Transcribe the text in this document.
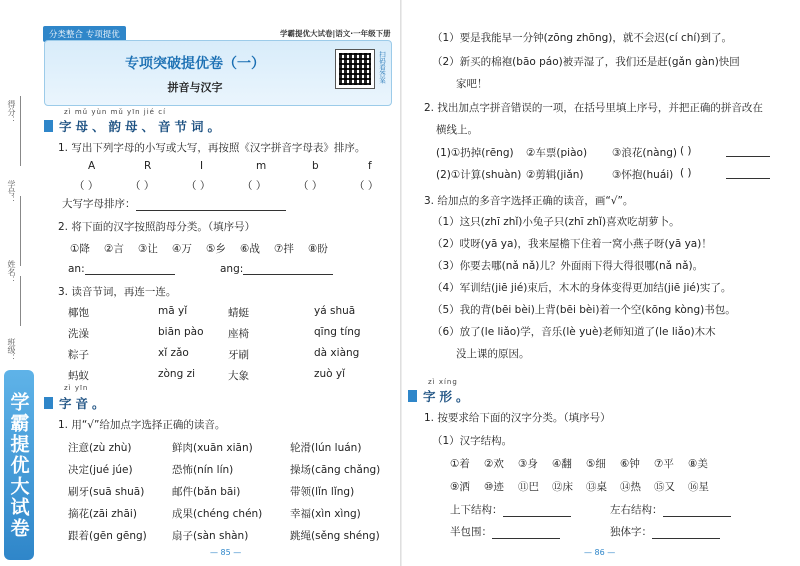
得分：
学号：
姓名：
班级：
学霸提优大试卷
分类整合 专项提优	学霸提优大试卷|语文·一年级下册
专项突破提优卷（一）
拼音与汉字
扫码看答案
zì mǔ yùn mǔ yīn jié cí
字母、韵母、音节词。
1. 写出下列字母的小写或大写，再按照《汉字拼音字母表》排序。
大写字母排序：
2. 将下面的汉字按照韵母分类。（填序号）
an:	ang:
3. 读音节词，再连一连。
zì yīn
字音。
1. 用“√”给加点字选择正确的读音。
— 85 —
A
（ ）
R
（ ）
I
（ ）
m
（ ）
b
（ ）
f
（ ）
①降 ②言 ③让 ④万 ⑤乡 ⑥战 ⑦拌 ⑧盼
椰饱	mā yǐ	蜻蜓	yá shuā
洗澡	biān pào 座椅	qīng tíng
粽子	xǐ zǎo	牙刷	dà xiàng
蚂蚁	zòng zi	大象	zuò yǐ
注意(zù zhù)	鲜肉(xuān xiān)	轮滑(lún luán)
决定(jué júe)	恐怖(nín lín)	操场(cāng chǎng)
刷牙(suā shuā)	邮件(bǎn bāi)	带领(lǐn lǐng)
摘花(zāi zhāi)	成果(chéng chén)	幸福(xìn xìng)
跟着(gēn gēng) 扇子(sàn shàn)	跳绳(sěng shéng)
（1）要是我能早一分钟(zōng zhōng)，就不会迟(cí chí)到了。
（2）新买的棉袍(bāo páo)被弄湿了，我们还是赶(gǎn gàn)快回
家吧！
2. 找出加点字拼音错误的一项，在括号里填上序号，并把正确的拼音改在
横线上。
3. 给加点的多音字选择正确的读音，画“√”。
zì xíng
字形。
1. 按要求给下面的汉字分类。（填序号）
（1）汉字结构。
— 86 —
(1)①扔掉(rēng) ②车票(piào) ③浪花(nàng) ( )
(2)①计算(shuàn) ②剪辑(jiǎn)	③怀抱(huái) ( )
（1）这只(zhī zhǐ)小兔子只(zhī zhǐ)喜欢吃胡萝卜。
（2）哎呀(yā ya)，我来屋檐下住着一窝小燕子呀(yā ya)！
（3）你要去哪(nǎ nǎ)儿？外面雨下得大得很哪(nǎ nǎ)。
（4）军训结(jiē jié)束后，木木的身体变得更加结(jiē jié)实了。
（5）我的背(bēi bèi)上背(bēi bèi)着一个空(kōng kòng)书包。
（6）放了(le liǎo)学，音乐(lè yuè)老师知道了(le liǎo)木木
没上课的原因。
①着 ②欢 ③身 ④翻 ⑤细 ⑥钟 ⑦平 ⑧美
⑨洒 ⑩迹 ⑪巴 ⑫床 ⑬桌 ⑭热 ⑮又 ⑯星
上下结构：	左右结构：
半包围：	独体字：
